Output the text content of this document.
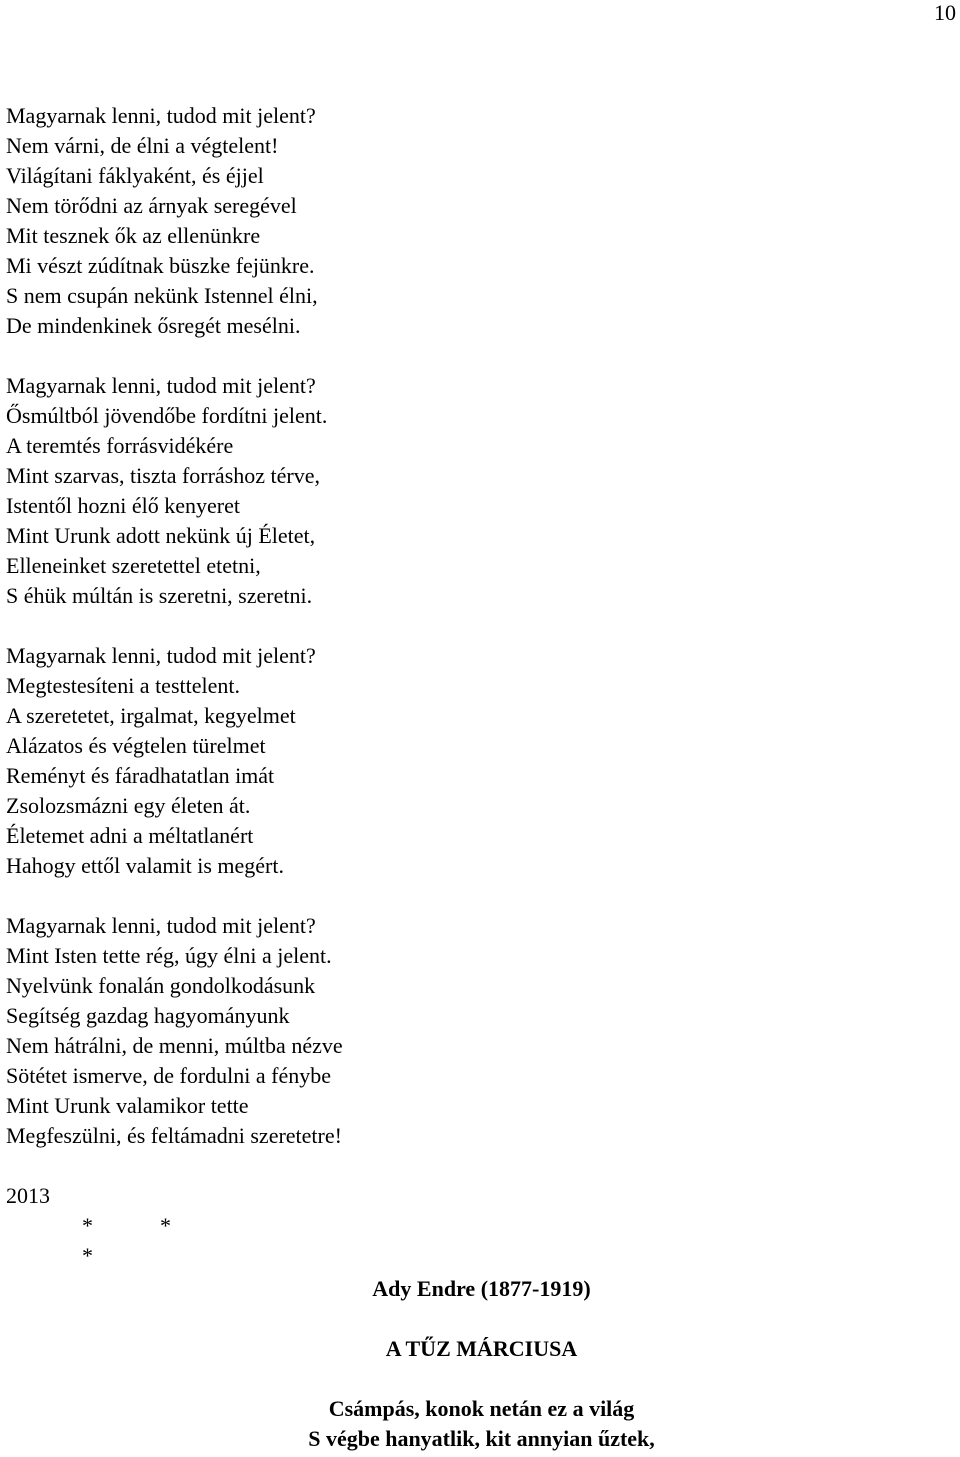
10
Magyarnak lenni, tudod mit jelent?
Nem várni, de élni a végtelent!
Világítani fáklyaként, és éjjel
Nem törődni az árnyak seregével
Mit tesznek ők az ellenünkre
Mi vészt zúdítnak büszke fejünkre.
S nem csupán nekünk Istennel élni,
De mindenkinek ősregét mesélni.
Magyarnak lenni, tudod mit jelent?
Ősmúltból jövendőbe fordítni jelent.
A teremtés forrásvidékére
Mint szarvas, tiszta forráshoz térve,
Istentől hozni élő kenyeret
Mint Urunk adott nekünk új Életet,
Elleneinket szeretettel etetni,
S éhük múltán is szeretni, szeretni.
Magyarnak lenni, tudod mit jelent?
Megtestesíteni a testtelent.
A szeretetet, irgalmat, kegyelmet
Alázatos és végtelen türelmet
Reményt és fáradhatatlan imát
Zsolozsmázni egy életen át.
Életemet adni a méltatlanért
Hahogy ettől valamit is megért.
Magyarnak lenni, tudod mit jelent?
Mint Isten tette rég, úgy élni a jelent.
Nyelvünk fonalán gondolkodásunk
Segítség gazdag hagyományunk
Nem hátrálni, de menni, múltba nézve
Sötétet ismerve, de fordulni a fénybe
Mint Urunk valamikor tette
Megfeszülni, és feltámadni szeretetre!
2013
*	**
Ady Endre (1877-1919)
A TŰZ MÁRCIUSA
Csámpás, konok netán ez a világ
S végbe hanyatlik, kit annyian űztek,
